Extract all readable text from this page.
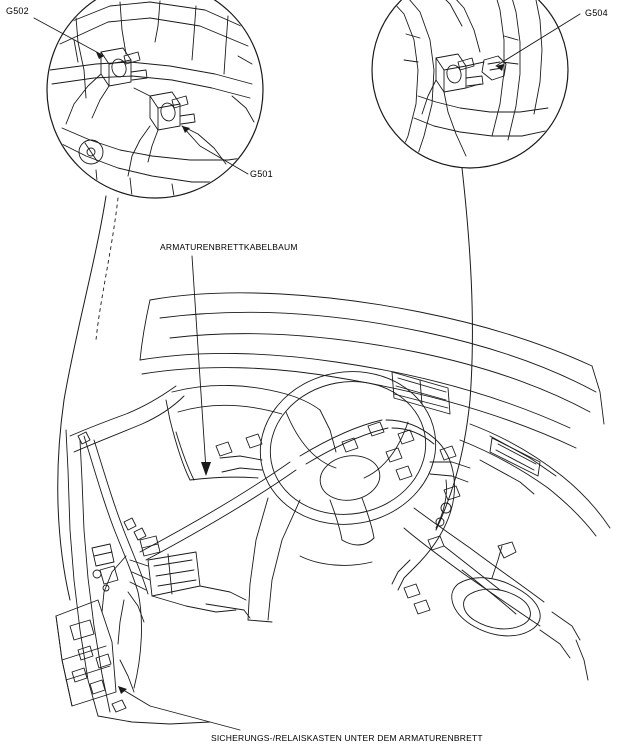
G502	G504
G501
ARMATURENBRETTKABELBAUM
SICHERUNGS-/RELAISKASTEN UNTER DEM ARMATURENBRETT
